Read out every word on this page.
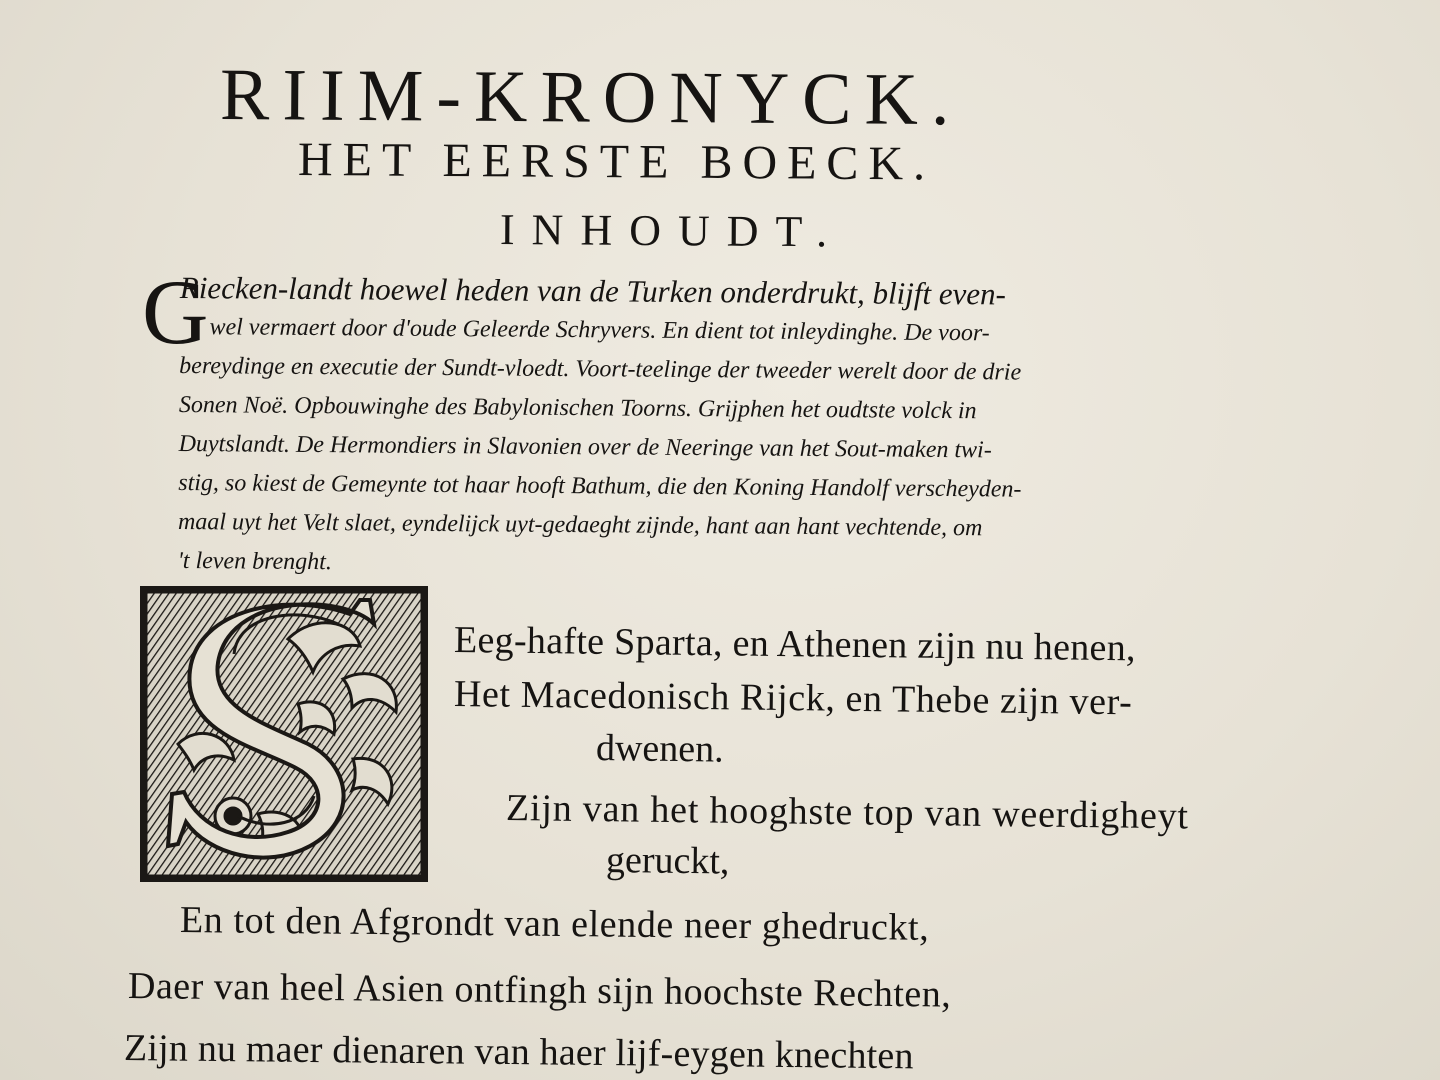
RIIM-KRONYCK.
HET EERSTE BOECK.
INHOUDT.
G
Riecken-landt hoewel heden van de Turken onderdrukt, blijft even-
wel vermaert door d'oude Geleerde Schryvers. En dient tot inleydinghe. De voor-
bereydinge en executie der Sundt-vloedt. Voort-teelinge der tweeder werelt door de drie
Sonen Noë. Opbouwinghe des Babylonischen Toorns. Grijphen het oudtste volck in
Duytslandt. De Hermondiers in Slavonien over de Neeringe van het Sout-maken twi-
stig, so kiest de Gemeynte tot haar hooft Bathum, die den Koning Handolf verscheyden-
maal uyt het Velt slaet, eyndelijck uyt-gedaeght zijnde, hant aan hant vechtende, om
't leven brenght.
Eeg-hafte Sparta, en Athenen zijn nu henen,
Het Macedonisch Rijck, en Thebe zijn ver-
dwenen.
Zijn van het hooghste top van weerdigheyt
geruckt,
En tot den Afgrondt van elende neer ghedruckt,
Daer van heel Asien ontfingh sijn hoochste Rechten,
Zijn nu maer dienaren van haer lijf-eygen knechten
